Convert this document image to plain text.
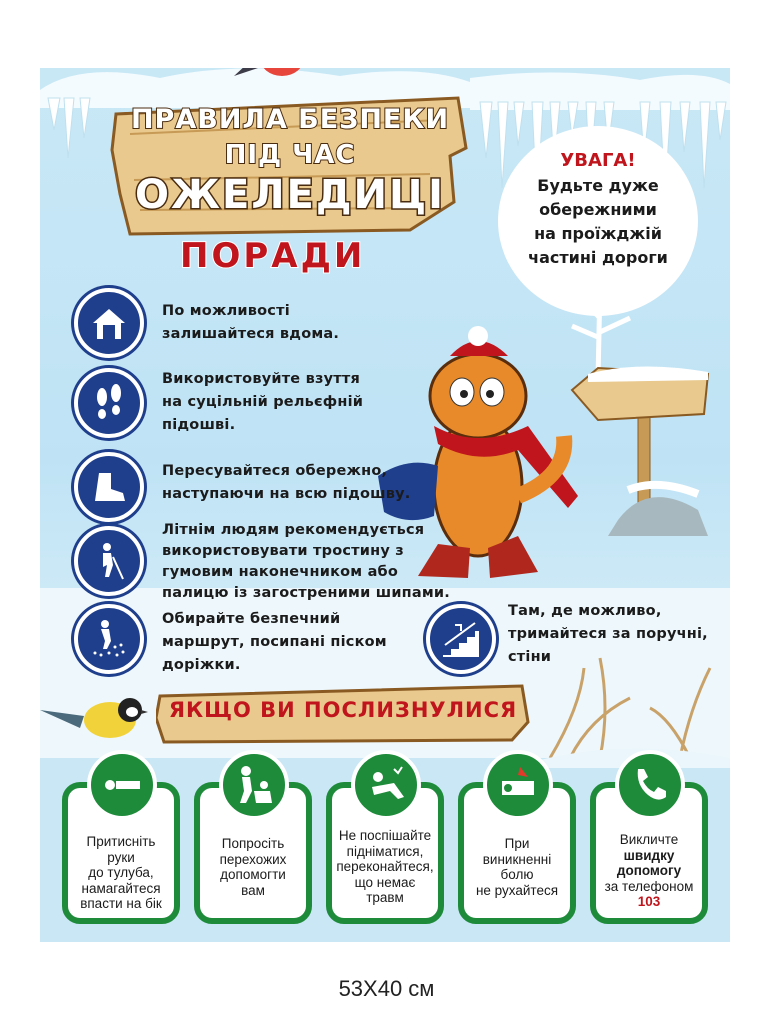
ПРАВИЛА БЕЗПЕКИ
ПІД ЧАС
ОЖЕЛЕДИЦІ
ПОРАДИ
УВАГА!
Будьте дуже
обережними
на проїжджій
частині дороги
По можливості
залишайтеся вдома.
Використовуйте взуття
на суцільній рельєфній
підошві.
Пересувайтеся обережно,
наступаючи на всю підошву.
Літнім людям рекомендується
використовувати тростину з
гумовим наконечником або
палицю із загостреними шипами.
Обирайте безпечний
маршрут, посипані піском
доріжки.
Там, де можливо,
тримайтеся за поручні,
стіни
ЯКЩО ВИ ПОСЛИЗНУЛИСЯ
Притисніть
руки
до тулуба,
намагайтеся
впасти на бік
Попросіть
перехожих
допомогти
вам
Не поспішайте
підніматися,
переконайтеся,
що немає
травм
При
виникненні
болю
не рухайтеся
Викличте
швидку
допомогу
за телефоном
103
53Х40 см
